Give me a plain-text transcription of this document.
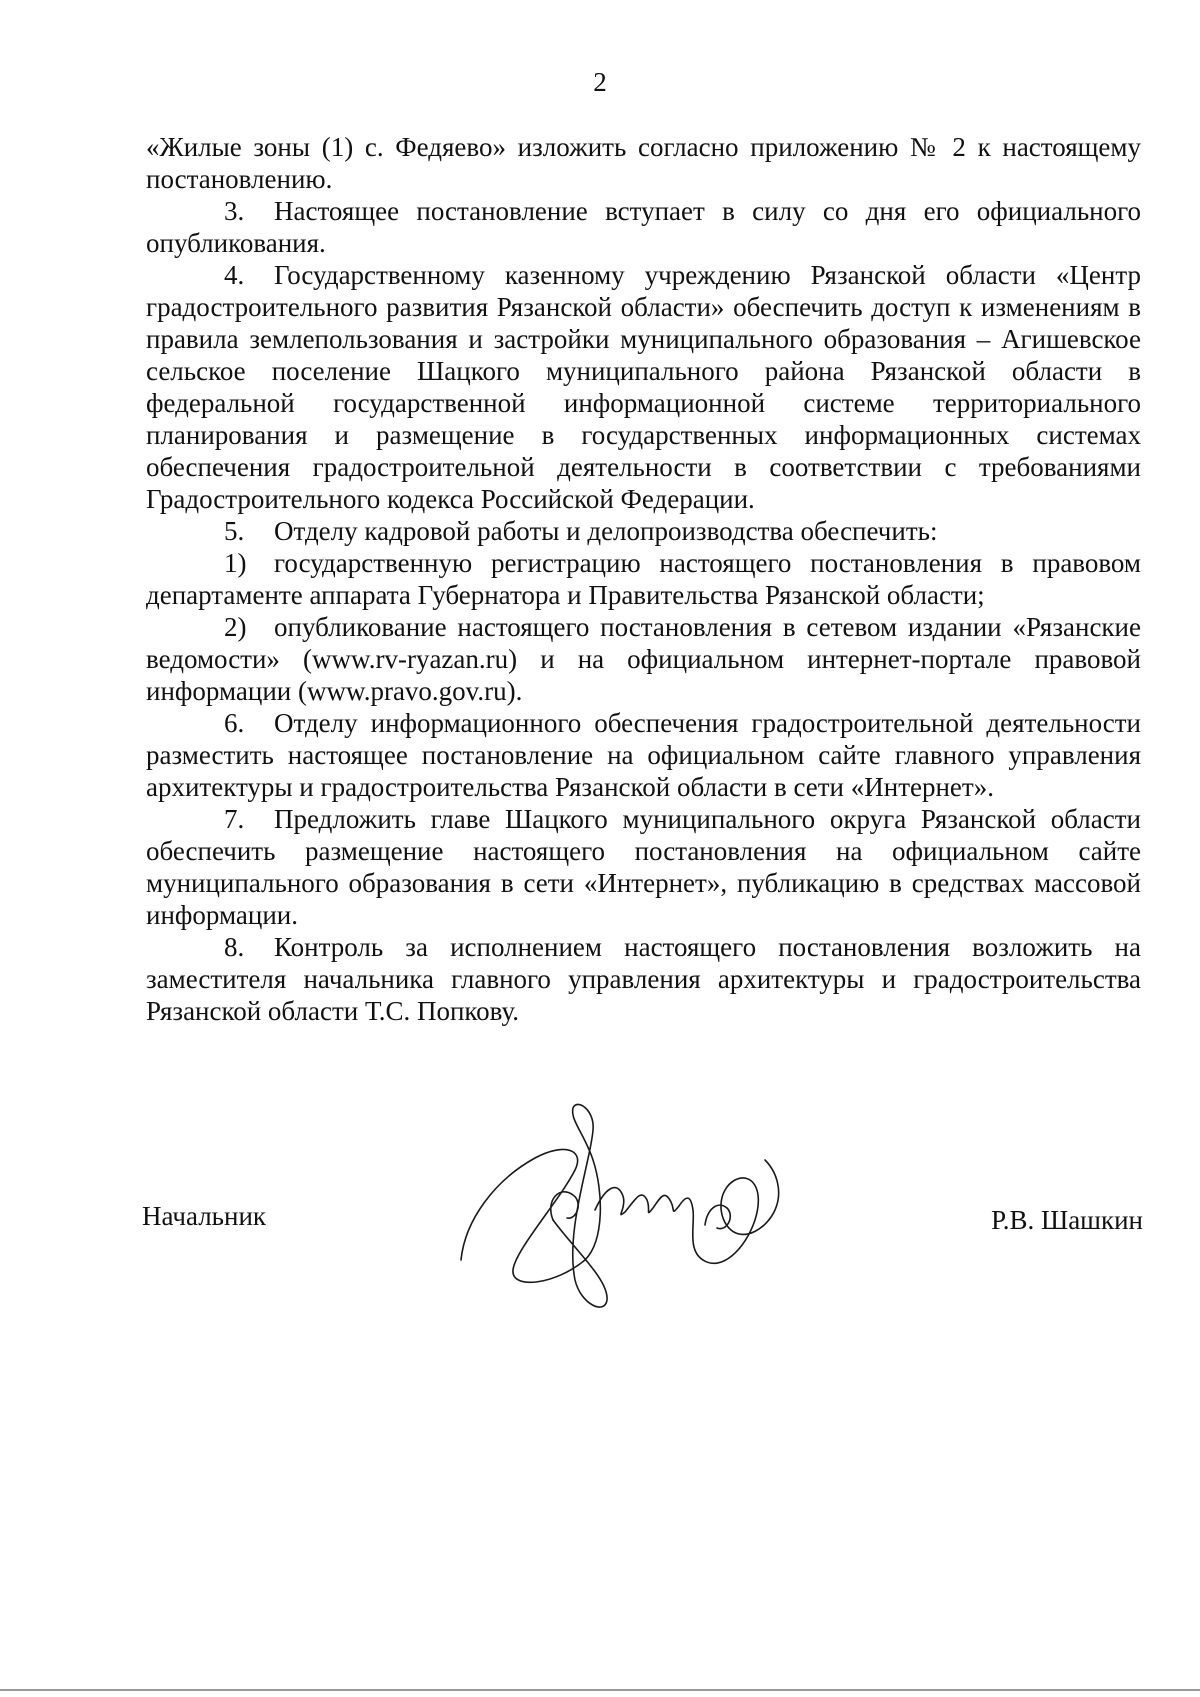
2

«Жилые зоны (1) с. Федяево» изложить согласно приложению № 2 к настоящему постановлению.

3. Настоящее постановление вступает в силу со дня его официального опубликования.

4. Государственному казенному учреждению Рязанской области «Центр градостроительного развития Рязанской области» обеспечить доступ к изменениям в правила землепользования и застройки муниципального образования – Агишевское сельское поселение Шацкого муниципального района Рязанской области в федеральной государственной информационной системе территориального планирования и размещение в государственных информационных системах обеспечения градостроительной деятельности в соответствии с требованиями Градостроительного кодекса Российской Федерации.

5. Отделу кадровой работы и делопроизводства обеспечить:

1) государственную регистрацию настоящего постановления в правовом департаменте аппарата Губернатора и Правительства Рязанской области;

2) опубликование настоящего постановления в сетевом издании «Рязанские ведомости» (www.rv-ryazan.ru) и на официальном интернет-портале правовой информации (www.pravo.gov.ru).

6. Отделу информационного обеспечения градостроительной деятельности разместить настоящее постановление на официальном сайте главного управления архитектуры и градостроительства Рязанской области в сети «Интернет».

7. Предложить главе Шацкого муниципального округа Рязанской области обеспечить размещение настоящего постановления на официальном сайте муниципального образования в сети «Интернет», публикацию в средствах массовой информации.

8. Контроль за исполнением настоящего постановления возложить на заместителя начальника главного управления архитектуры и градостроительства Рязанской области Т.С. Попкову.

Начальник	Р.В. Шашкин
